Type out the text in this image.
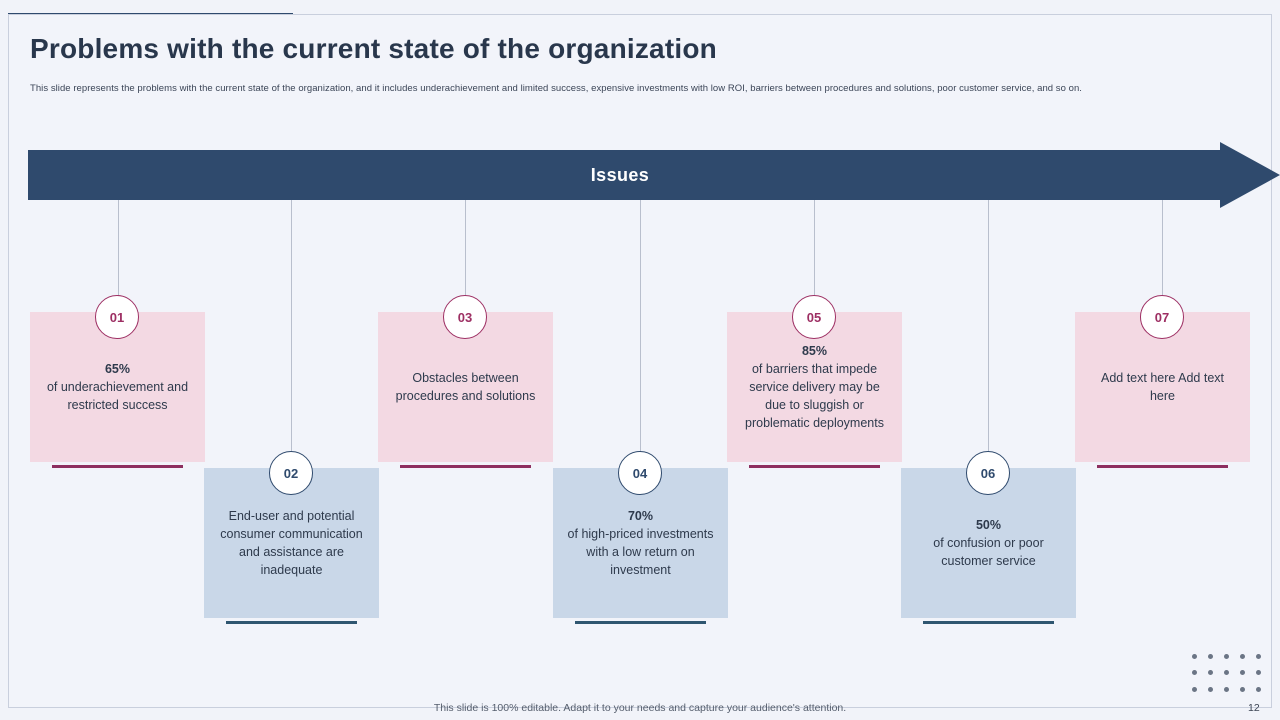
Problems with the current state of the organization
This slide represents the problems with the current state of the organization, and it includes underachievement and limited success, expensive investments with low ROI, barriers between procedures and solutions, poor customer service, and so on.
Issues
65%
of underachievement and restricted success
01
End-user and potential consumer communication and assistance are inadequate
02
Obstacles between procedures and solutions
03
70%
of high-priced investments with a low return on investment
04
85%
of barriers that impede service delivery may be due to sluggish or problematic deployments
05
50%
of confusion or poor customer service
06
Add text here Add text here
07
This slide is 100% editable. Adapt it to your needs and capture your audience's attention.	12
